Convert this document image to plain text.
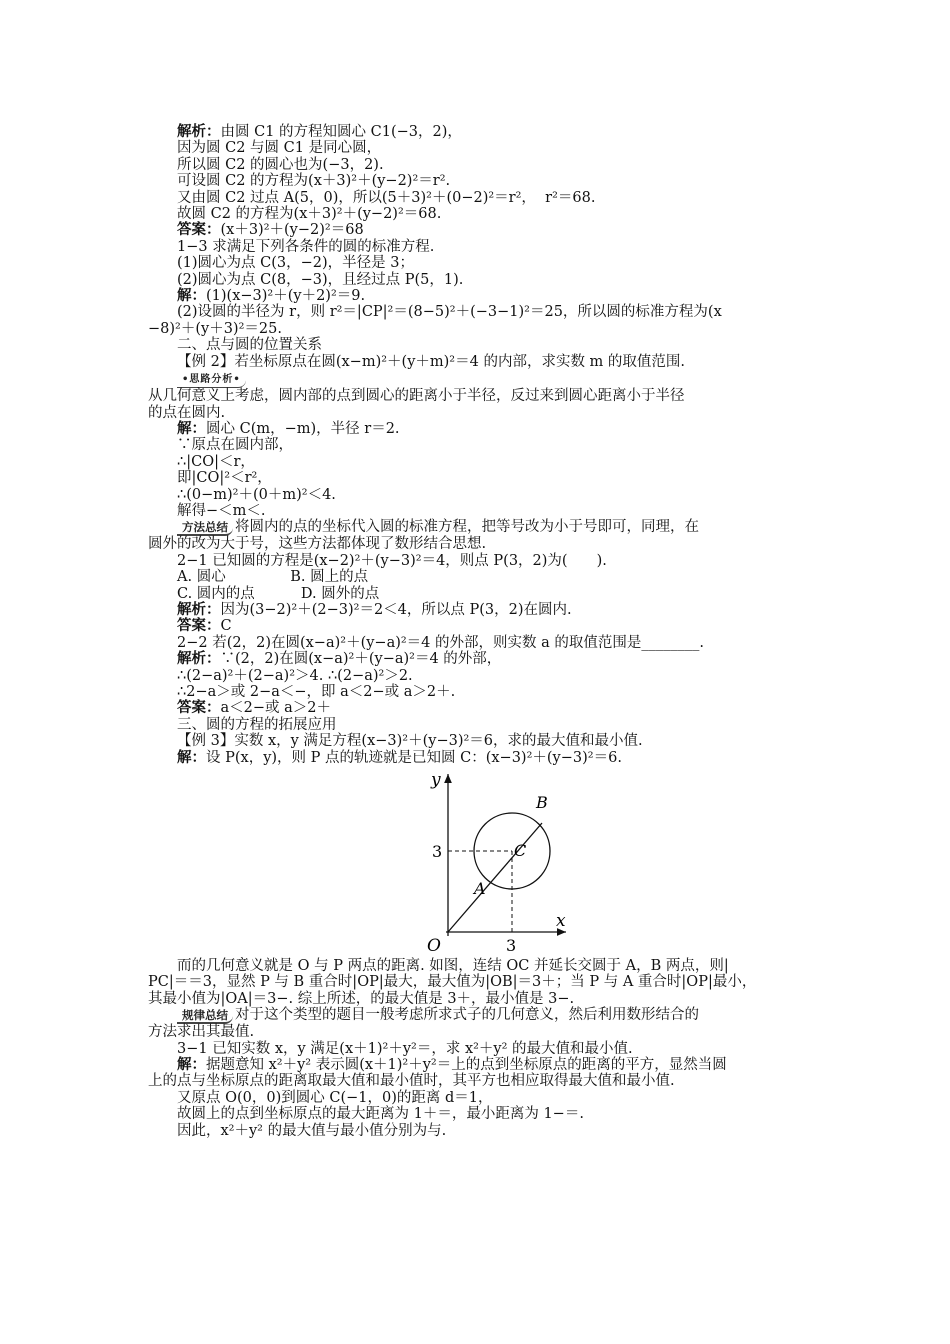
解析：由圆 C1 的方程知圆心 C1(−3，2)，
因为圆 C2 与圆 C1 是同心圆，
所以圆 C2 的圆心也为(−3，2).
可设圆 C2 的方程为(x＋3)²＋(y−2)²＝r².
又由圆 C2 过点 A(5，0)，所以(5＋3)²＋(0−2)²＝r²，  r²＝68.
故圆 C2 的方程为(x＋3)²＋(y−2)²＝68.
答案：(x＋3)²＋(y−2)²＝68
1−3 求满足下列各条件的圆的标准方程.
(1)圆心为点 C(3，−2)，半径是 3；
(2)圆心为点 C(8，−3)，且经过点 P(5，1).
解：(1)(x−3)²＋(y＋2)²＝9.
(2)设圆的半径为 r，则 r²＝|CP|²＝(8−5)²＋(−3−1)²＝25，所以圆的标准方程为(x
−8)²＋(y＋3)²＝25.
二、点与圆的位置关系
【例 2】若坐标原点在圆(x−m)²＋(y＋m)²＝4 的内部，求实数 m 的取值范围.
•思路分析•
从几何意义上考虑，圆内部的点到圆心的距离小于半径，反过来到圆心距离小于半径
的点在圆内.
解：圆心 C(m，−m)，半径 r＝2.
∵原点在圆内部，
∴|CO|＜r，
即|CO|²＜r²，
∴(0−m)²＋(0＋m)²＜4.
解得−＜m＜.
方法总结 将圆内的点的坐标代入圆的标准方程，把等号改为小于号即可，同理，在
圆外的改为大于号，这些方法都体现了数形结合思想.
2−1 已知圆的方程是(x−2)²＋(y−3)²＝4，则点 P(3，2)为(　　).
A. 圆心              B. 圆上的点
C. 圆内的点          D. 圆外的点
解析：因为(3−2)²＋(2−3)²＝2＜4，所以点 P(3，2)在圆内.
答案：C
2−2 若(2，2)在圆(x−a)²＋(y−a)²＝4 的外部，则实数 a 的取值范围是________.
解析：∵(2，2)在圆(x−a)²＋(y−a)²＝4 的外部，
∴(2−a)²＋(2−a)²＞4. ∴(2−a)²＞2.
∴2−a＞或 2−a＜−，即 a＜2−或 a＞2＋.
答案：a＜2−或 a＞2＋
三、圆的方程的拓展应用
【例 3】实数 x，y 满足方程(x−3)²＋(y−3)²＝6，求的最大值和最小值.
解：设 P(x，y)，则 P 点的轨迹就是已知圆 C：(x−3)²＋(y−3)²＝6.
y
x
O
3
3
A
B
C
而的几何意义就是 O 与 P 两点的距离. 如图，连结 OC 并延长交圆于 A，B 两点，则|
PC|＝＝3，显然 P 与 B 重合时|OP|最大，最大值为|OB|＝3＋；当 P 与 A 重合时|OP|最小，
其最小值为|OA|＝3−. 综上所述，的最大值是 3＋，最小值是 3−.
规律总结 对于这个类型的题目一般考虑所求式子的几何意义，然后利用数形结合的
方法求出其最值.
3−1 已知实数 x，y 满足(x＋1)²＋y²＝，求 x²＋y² 的最大值和最小值.
解：据题意知 x²＋y² 表示圆(x＋1)²＋y²＝上的点到坐标原点的距离的平方，显然当圆
上的点与坐标原点的距离取最大值和最小值时，其平方也相应取得最大值和最小值.
又原点 O(0，0)到圆心 C(−1，0)的距离 d＝1，
故圆上的点到坐标原点的最大距离为 1＋＝，最小距离为 1−＝.
因此，x²＋y² 的最大值与最小值分别为与.
